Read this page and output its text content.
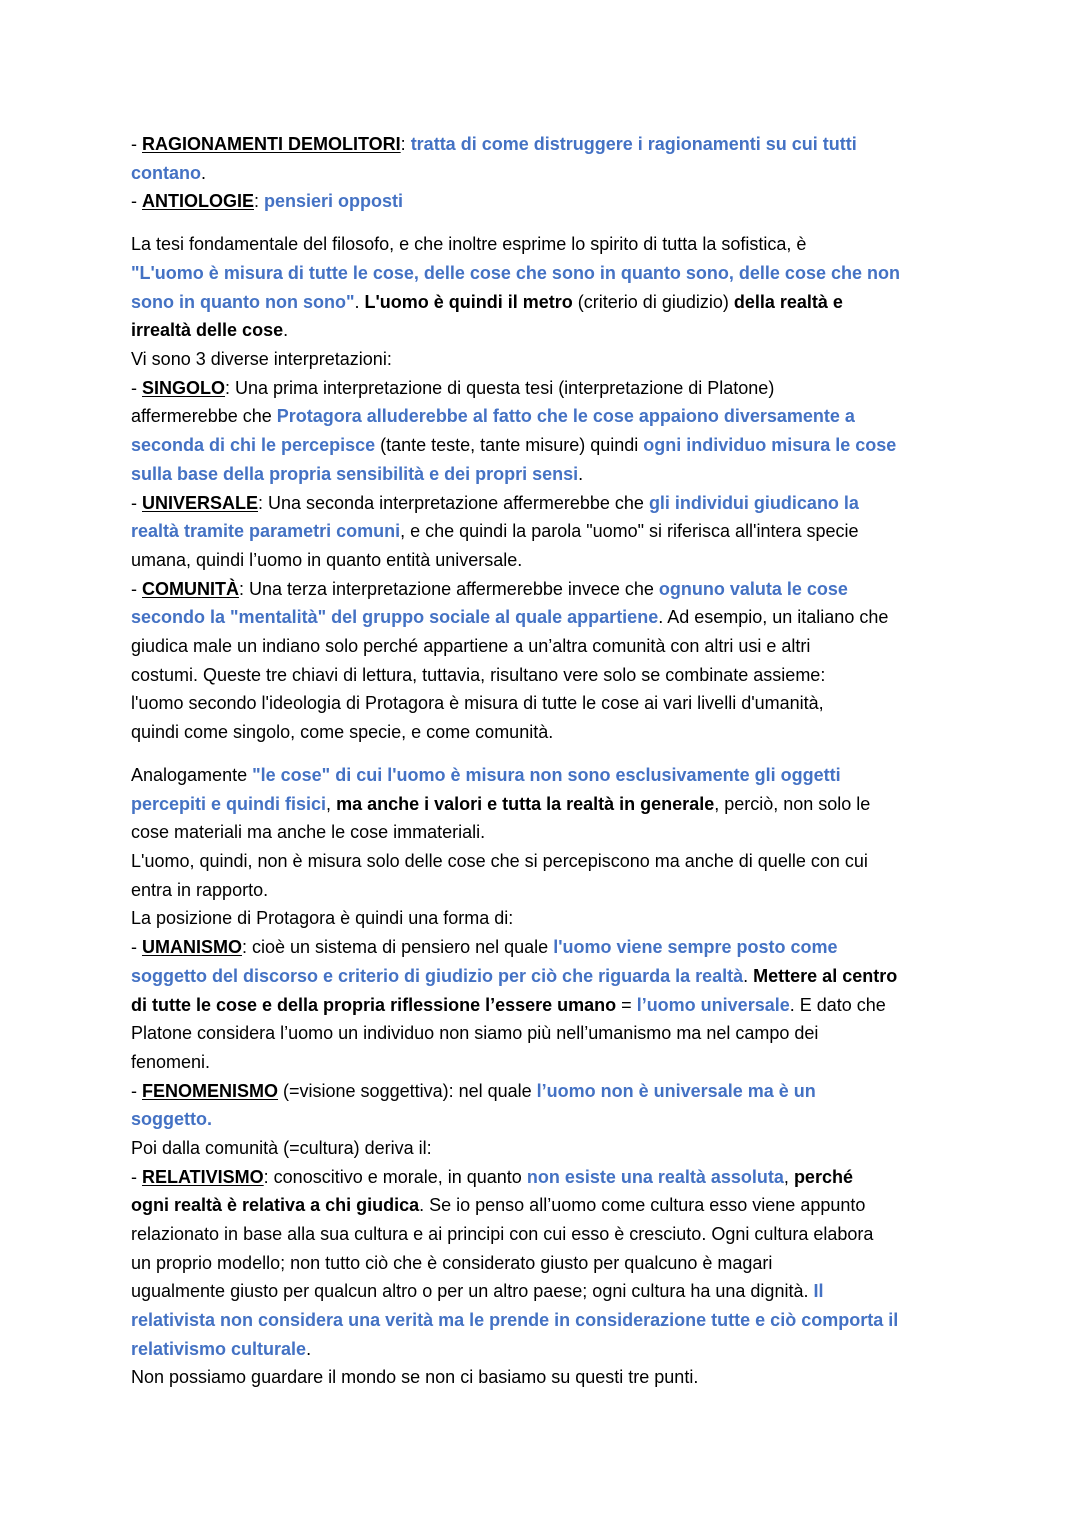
- RAGIONAMENTI DEMOLITORI: tratta di come distruggere i ragionamenti su cui tutti
contano.
- ANTIOLOGIE: pensieri opposti
La tesi fondamentale del filosofo, e che inoltre esprime lo spirito di tutta la sofistica, è
"L'uomo è misura di tutte le cose, delle cose che sono in quanto sono, delle cose che non
sono in quanto non sono". L'uomo è quindi il metro (criterio di giudizio) della realtà e
irrealtà delle cose.
Vi sono 3 diverse interpretazioni:
- SINGOLO: Una prima interpretazione di questa tesi (interpretazione di Platone)
affermerebbe che Protagora alluderebbe al fatto che le cose appaiono diversamente a
seconda di chi le percepisce (tante teste, tante misure) quindi ogni individuo misura le cose
sulla base della propria sensibilità e dei propri sensi.
- UNIVERSALE: Una seconda interpretazione affermerebbe che gli individui giudicano la
realtà tramite parametri comuni, e che quindi la parola "uomo" si riferisca all'intera specie
umana, quindi l’uomo in quanto entità universale.
- COMUNITÀ: Una terza interpretazione affermerebbe invece che ognuno valuta le cose
secondo la "mentalità" del gruppo sociale al quale appartiene. Ad esempio, un italiano che
giudica male un indiano solo perché appartiene a un’altra comunità con altri usi e altri
costumi. Queste tre chiavi di lettura, tuttavia, risultano vere solo se combinate assieme:
l'uomo secondo l'ideologia di Protagora è misura di tutte le cose ai vari livelli d'umanità,
quindi come singolo, come specie, e come comunità.
Analogamente "le cose" di cui l'uomo è misura non sono esclusivamente gli oggetti
percepiti e quindi fisici, ma anche i valori e tutta la realtà in generale, perciò, non solo le
cose materiali ma anche le cose immateriali.
L'uomo, quindi, non è misura solo delle cose che si percepiscono ma anche di quelle con cui
entra in rapporto.
La posizione di Protagora è quindi una forma di:
- UMANISMO: cioè un sistema di pensiero nel quale l'uomo viene sempre posto come
soggetto del discorso e criterio di giudizio per ciò che riguarda la realtà. Mettere al centro
di tutte le cose e della propria riflessione l’essere umano = l’uomo universale. E dato che
Platone considera l’uomo un individuo non siamo più nell’umanismo ma nel campo dei
fenomeni.
- FENOMENISMO (=visione soggettiva): nel quale l’uomo non è universale ma è un
soggetto.
Poi dalla comunità (=cultura) deriva il:
- RELATIVISMO: conoscitivo e morale, in quanto non esiste una realtà assoluta, perché
ogni realtà è relativa a chi giudica. Se io penso all’uomo come cultura esso viene appunto
relazionato in base alla sua cultura e ai principi con cui esso è cresciuto. Ogni cultura elabora
un proprio modello; non tutto ciò che è considerato giusto per qualcuno è magari
ugualmente giusto per qualcun altro o per un altro paese; ogni cultura ha una dignità. Il
relativista non considera una verità ma le prende in considerazione tutte e ciò comporta il
relativismo culturale.
Non possiamo guardare il mondo se non ci basiamo su questi tre punti.
